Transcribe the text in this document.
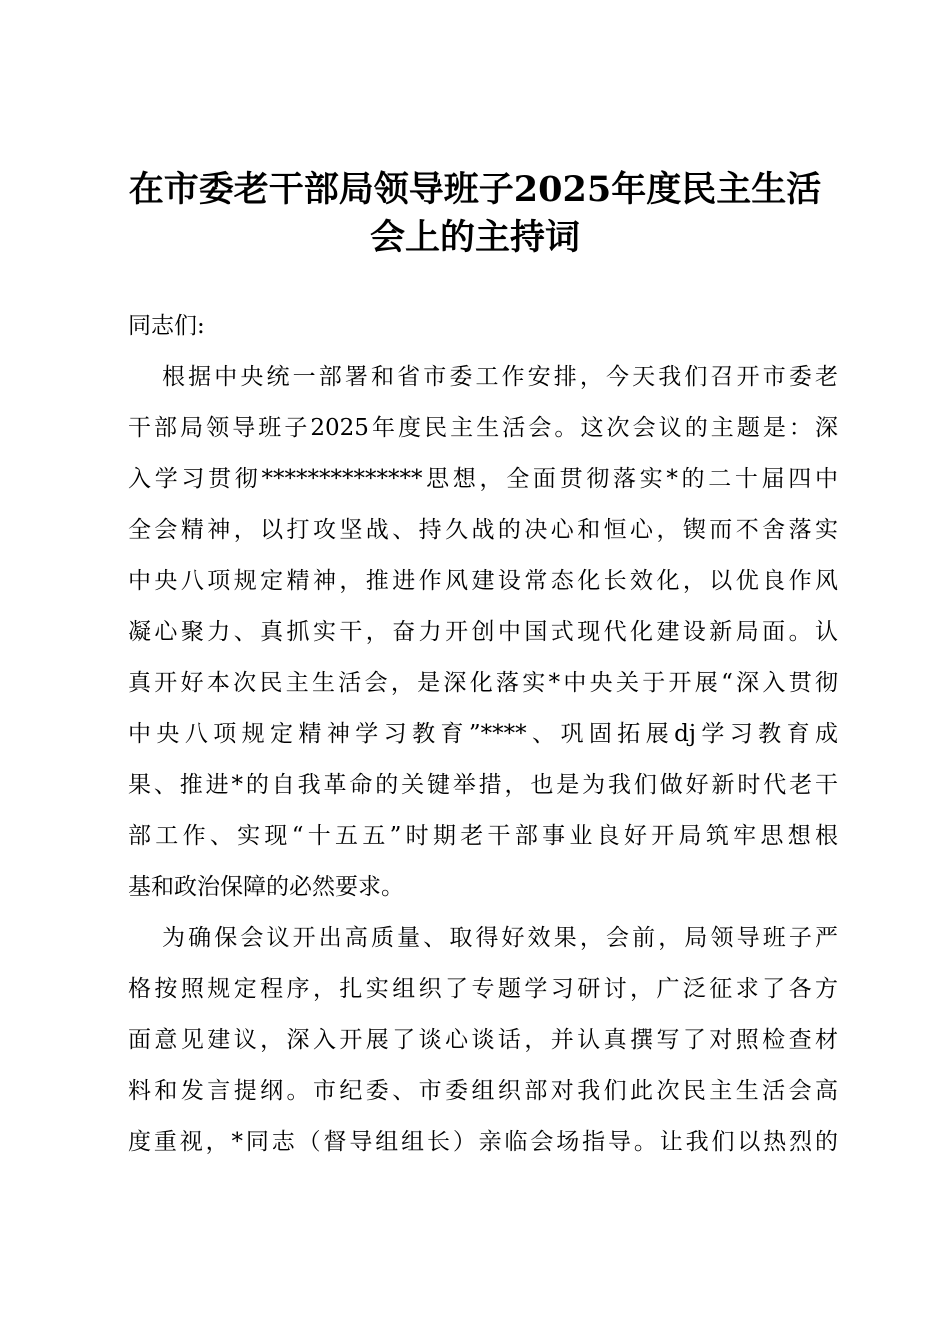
在市委老干部局领导班子2025年度民主生活
会上的主持词
同志们:
根据中央统一部署和省市委工作安排，今天我们召开市委老
干部局领导班子2025年度民主生活会。这次会议的主题是：深
入学习贯彻**************思想，全面贯彻落实*的二十届四中
全会精神，以打攻坚战、持久战的决心和恒心，锲而不舍落实
中央八项规定精神，推进作风建设常态化长效化，以优良作风
凝心聚力、真抓实干，奋力开创中国式现代化建设新局面。认
真开好本次民主生活会，是深化落实*中央关于开展“深入贯彻
中央八项规定精神学习教育”****、巩固拓展dj学习教育成
果、推进*的自我革命的关键举措，也是为我们做好新时代老干
部工作、实现“十五五”时期老干部事业良好开局筑牢思想根
基和政治保障的必然要求。
为确保会议开出高质量、取得好效果，会前，局领导班子严
格按照规定程序，扎实组织了专题学习研讨，广泛征求了各方
面意见建议，深入开展了谈心谈话，并认真撰写了对照检查材
料和发言提纲。市纪委、市委组织部对我们此次民主生活会高
度重视，*同志（督导组组长）亲临会场指导。让我们以热烈的
